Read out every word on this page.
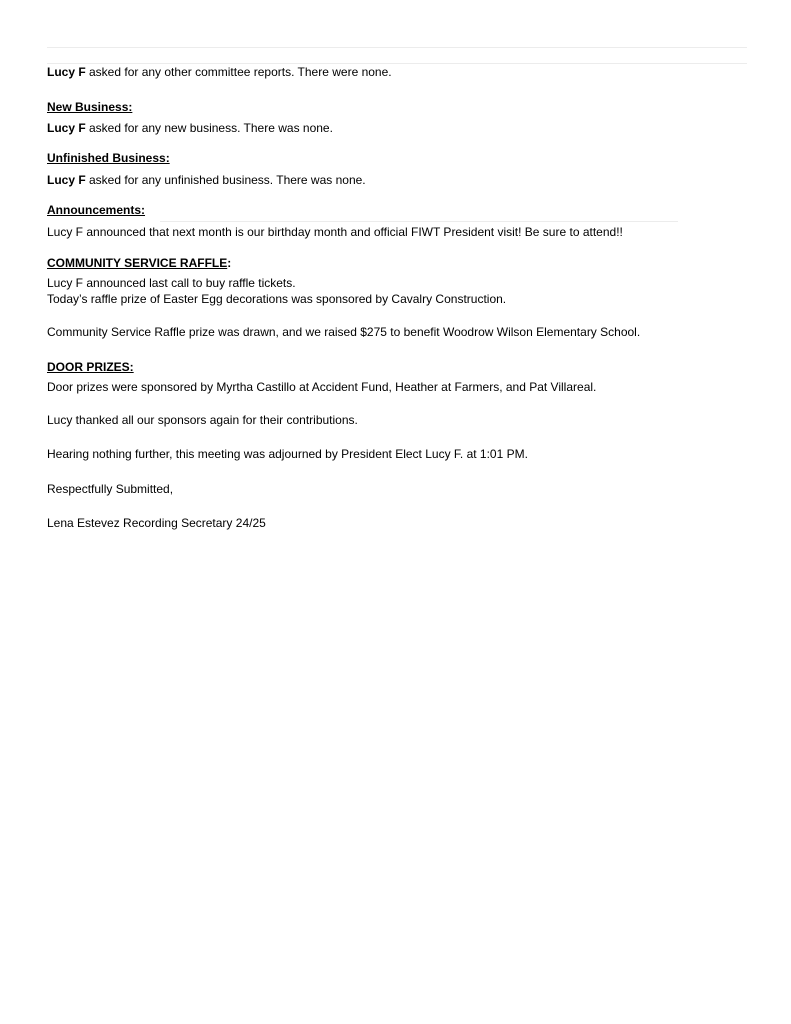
Lucy F asked for any other committee reports. There were none.
New Business:
Lucy F asked for any new business. There was none.
Unfinished Business:
Lucy F asked for any unfinished business. There was none.
Announcements:
Lucy F announced that next month is our birthday month and official FIWT President visit! Be sure to attend!!
COMMUNITY SERVICE RAFFLE:
Lucy F announced last call to buy raffle tickets.
Today’s raffle prize of Easter Egg decorations was sponsored by Cavalry Construction.
Community Service Raffle prize was drawn, and we raised $275 to benefit Woodrow Wilson Elementary School.
DOOR PRIZES:
Door prizes were sponsored by Myrtha Castillo at Accident Fund, Heather at Farmers, and Pat Villareal.
Lucy thanked all our sponsors again for their contributions.
Hearing nothing further, this meeting was adjourned by President Elect Lucy F. at 1:01 PM.
Respectfully Submitted,
Lena Estevez Recording Secretary 24/25
